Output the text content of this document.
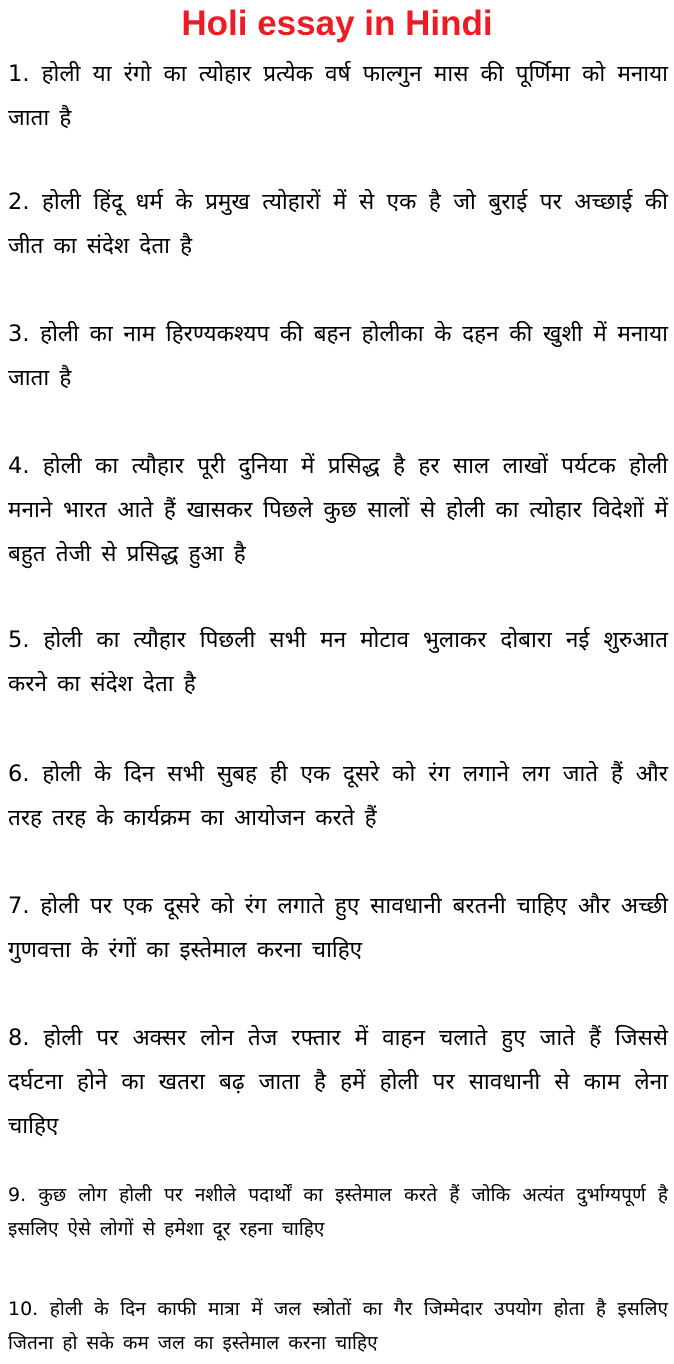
Holi essay in Hindi

1. होली या रंगो का त्योहार प्रत्येक वर्ष फाल्गुन मास की पूर्णिमा को मनाया जाता है

2. होली हिंदू धर्म के प्रमुख त्योहारों में से एक है जो बुराई पर अच्छाई की जीत का संदेश देता है

3. होली का नाम हिरण्यकश्यप की बहन होलीका के दहन की खुशी में मनाया जाता है

4. होली का त्यौहार पूरी दुनिया में प्रसिद्ध है हर साल लाखों पर्यटक होली मनाने भारत आते हैं खासकर पिछले कुछ सालों से होली का त्योहार विदेशों में बहुत तेजी से प्रसिद्ध हुआ है

5. होली का त्यौहार पिछली सभी मन मोटाव भुलाकर दोबारा नई शुरुआत करने का संदेश देता है

6. होली के दिन सभी सुबह ही एक दूसरे को रंग लगाने लग जाते हैं और तरह तरह के कार्यक्रम का आयोजन करते हैं

7. होली पर एक दूसरे को रंग लगाते हुए सावधानी बरतनी चाहिए और अच्छी गुणवत्ता के रंगों का इस्तेमाल करना चाहिए

8. होली पर अक्सर लोन तेज रफ्तार में वाहन चलाते हुए जाते हैं जिससे दर्घटना होने का खतरा बढ़ जाता है हमें होली पर सावधानी से काम लेना चाहिए

9. कुछ लोग होली पर नशीले पदार्थों का इस्तेमाल करते हैं जोकि अत्यंत दुर्भाग्यपूर्ण है इसलिए ऐसे लोगों से हमेशा दूर रहना चाहिए

10. होली के दिन काफी मात्रा में जल स्त्रोतों का गैर जिम्मेदार उपयोग होता है इसलिए जितना हो सके कम जल का इस्तेमाल करना चाहिए
